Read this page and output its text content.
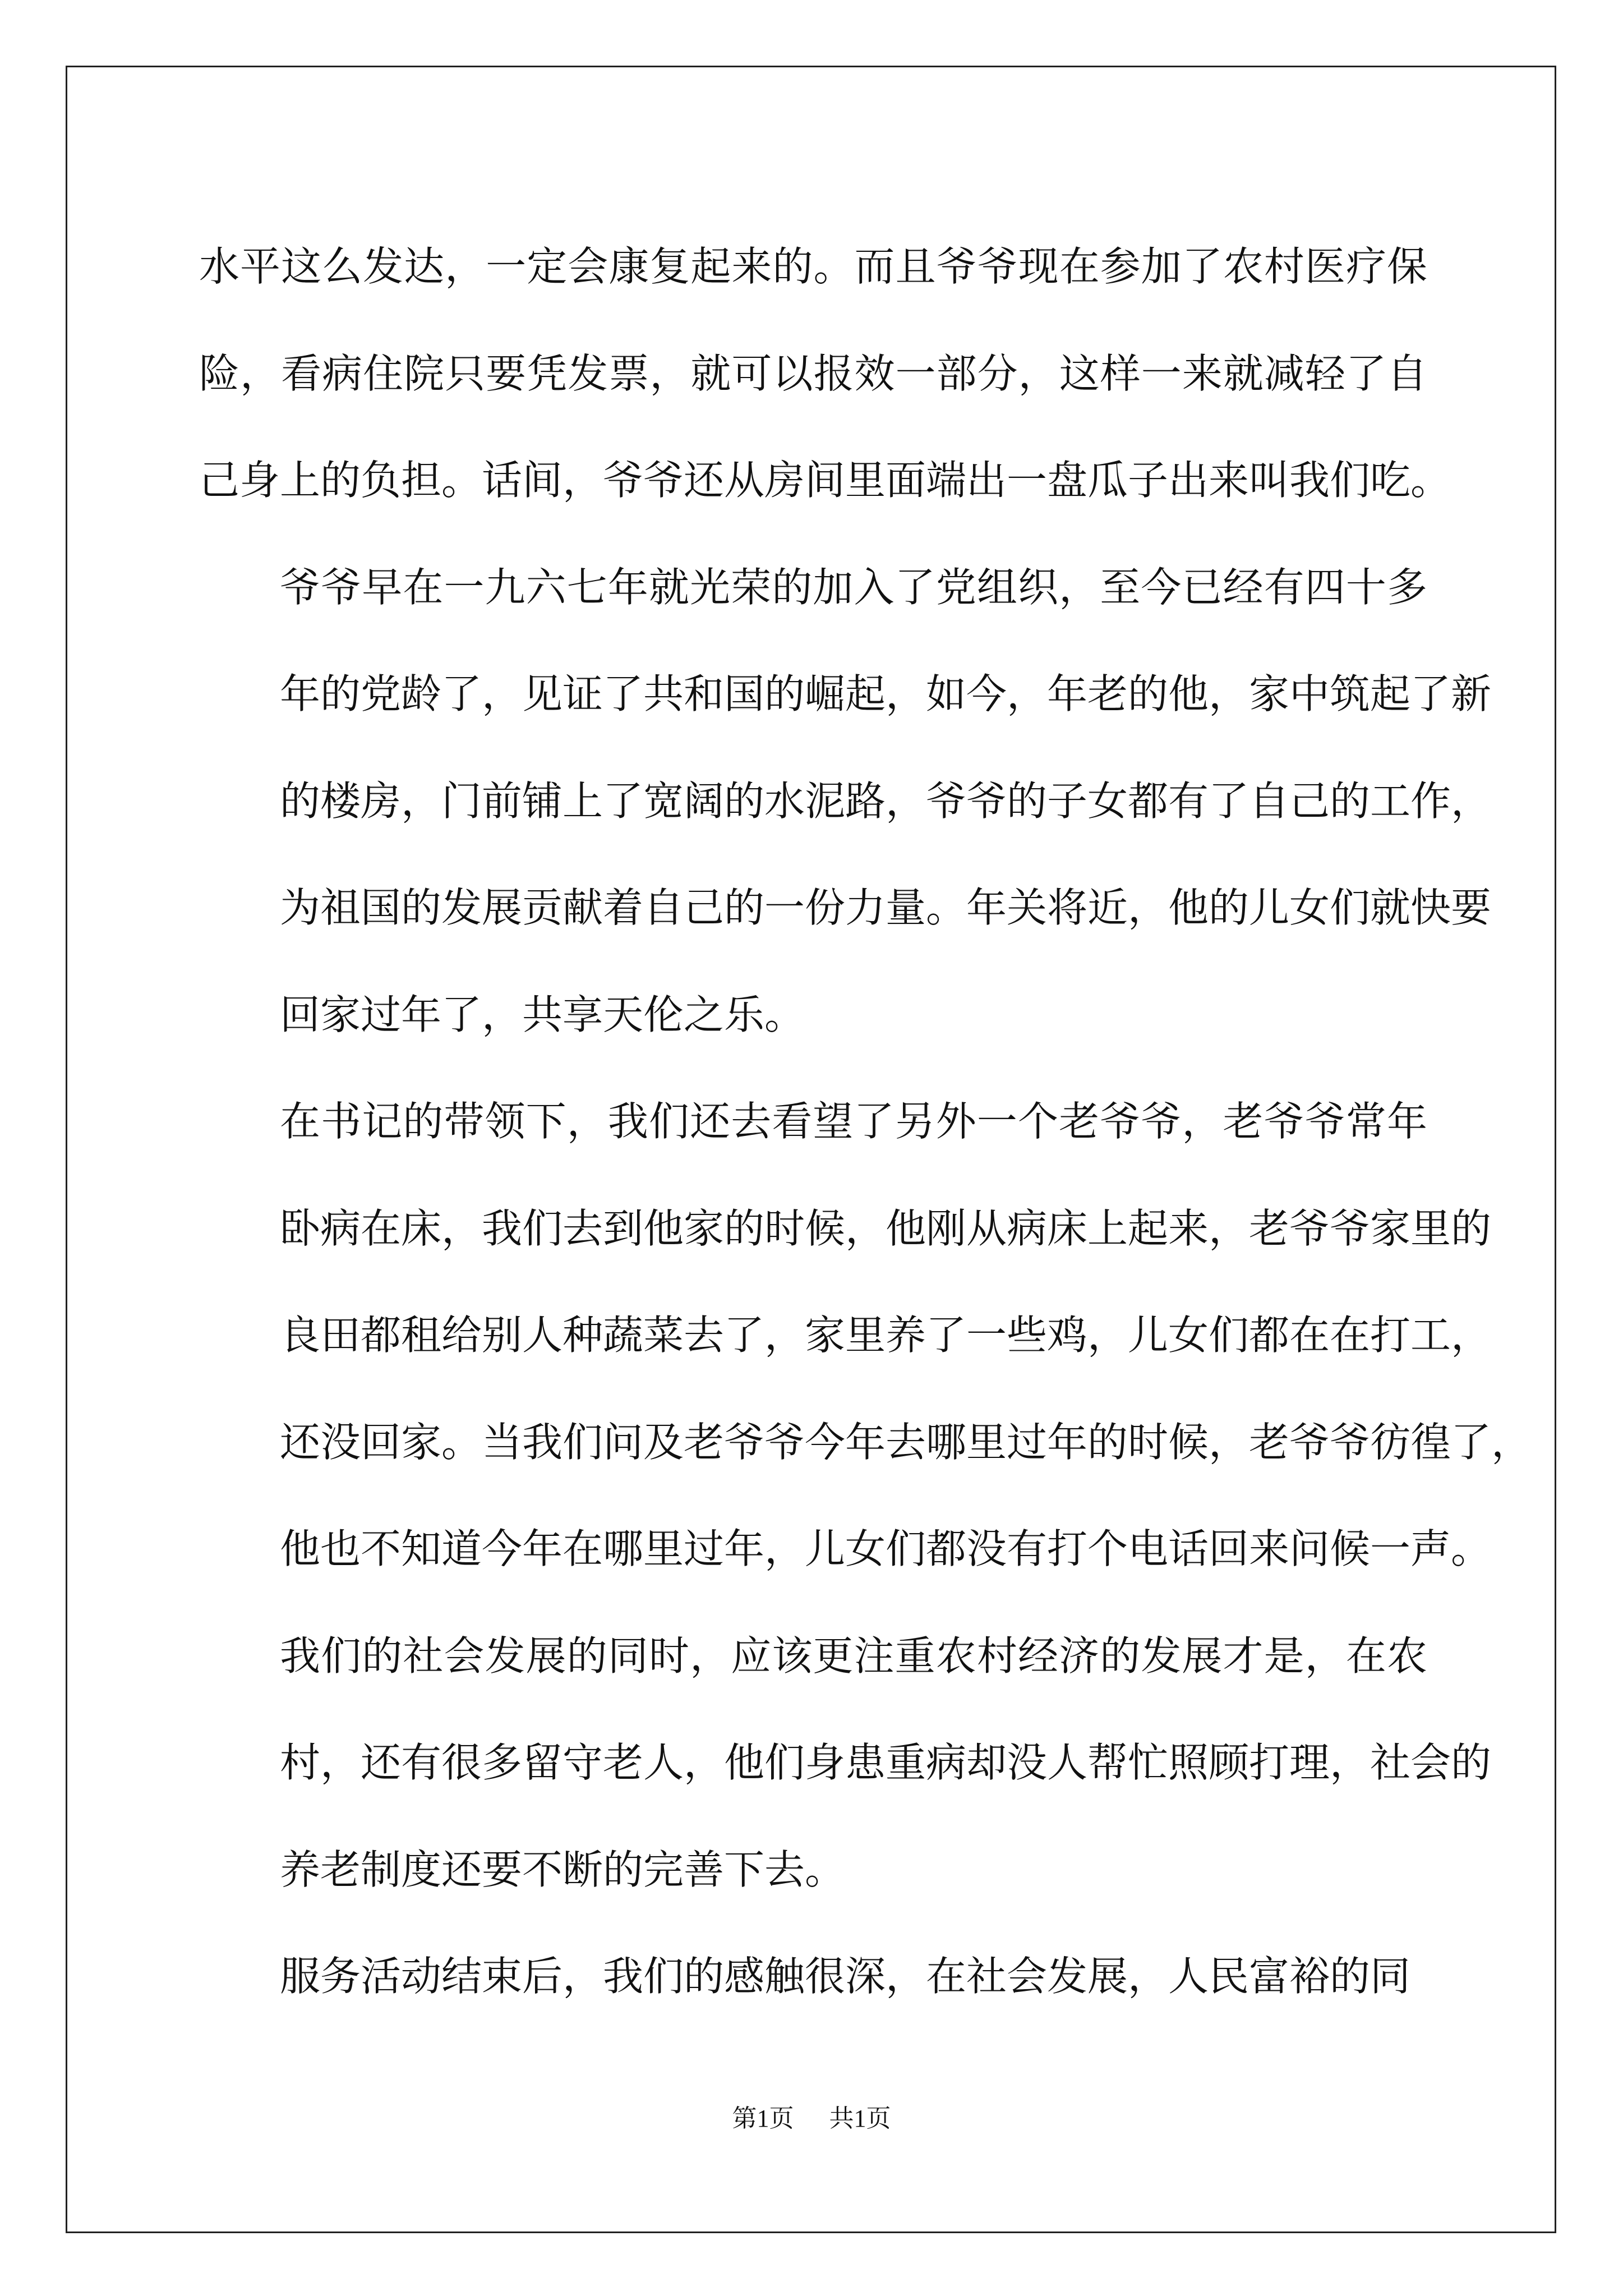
水平这么发达，一定会康复起来的。而且爷爷现在参加了农村医疗保
险，看病住院只要凭发票，就可以报效一部分，这样一来就减轻了自
己身上的负担。话间，爷爷还从房间里面端出一盘瓜子出来叫我们吃。

爷爷早在一九六七年就光荣的加入了党组织，至今已经有四十多
年的党龄了，见证了共和国的崛起，如今，年老的他，家中筑起了新
的楼房，门前铺上了宽阔的水泥路，爷爷的子女都有了自己的工作，
为祖国的发展贡献着自己的一份力量。年关将近，他的儿女们就快要
回家过年了，共享天伦之乐。

在书记的带领下，我们还去看望了另外一个老爷爷，老爷爷常年
卧病在床，我们去到他家的时候，他刚从病床上起来，老爷爷家里的
良田都租给别人种蔬菜去了，家里养了一些鸡，儿女们都在在打工，
还没回家。当我们问及老爷爷今年去哪里过年的时候，老爷爷彷徨了，
他也不知道今年在哪里过年，儿女们都没有打个电话回来问候一声。

我们的社会发展的同时，应该更注重农村经济的发展才是，在农
村，还有很多留守老人，他们身患重病却没人帮忙照顾打理，社会的
养老制度还要不断的完善下去。

服务活动结束后，我们的感触很深，在社会发展，人民富裕的同

第1页 共1页
